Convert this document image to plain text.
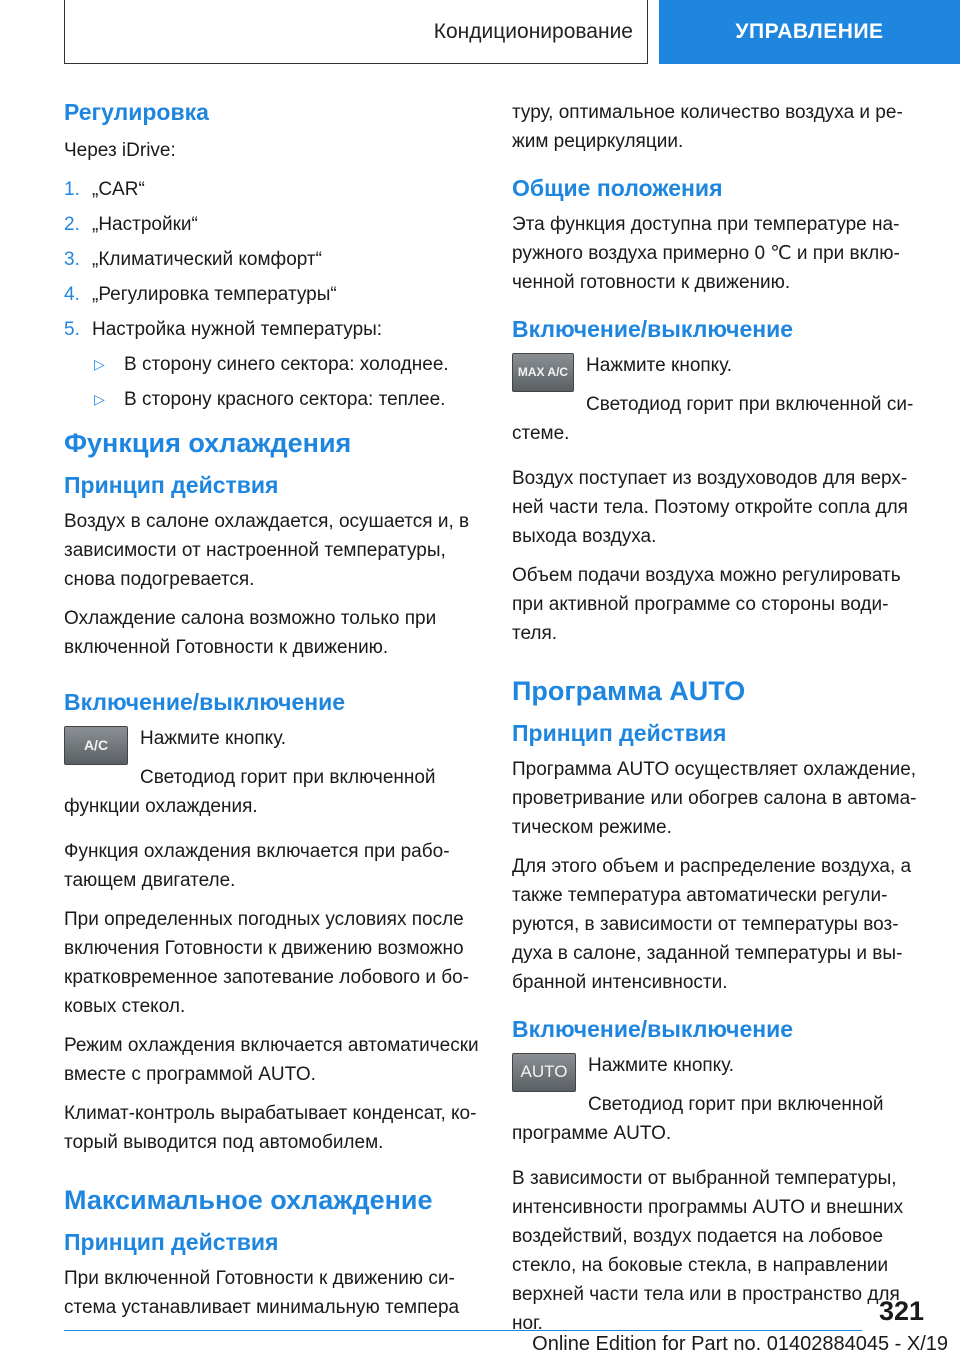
Кондиционирование	УПРАВЛЕНИЕ
Регулировка

Через iDrive:

1. „CAR“
2. „Настройки“
3. „Климатический комфорт“
4. „Регулировка температуры“
5. Настройка нужной температуры:
▷	В сторону синего сектора: холоднее.
▷	В сторону красного сектора: теплее.
Функция охлаждения
Принцип действия

Воздух в салоне охлаждается, осушается и, в зависимости от настроенной температуры, снова подогревается.

Охлаждение салона возможно только при включенной Готовности к движению.

Включение/выключение
A/C	Нажмите кнопку.

Светодиод горит при включенной функции охлаждения.

Функция охлаждения включается при работающем двигателе.

При определенных погодных условиях после включения Готовности к движению возможно кратковременное запотевание лобового и боковых стекол.

Режим охлаждения включается автоматически вместе с программой AUTO.

Климат-контроль вырабатывает конденсат, который выводится под автомобилем.

Максимальное охлаждение
Принцип действия

При включенной Готовности к движению система устанавливает минимальную темпера

туру, оптимальное количество воздуха и режим рециркуляции.

Общие положения

Эта функция доступна при температуре наружного воздуха примерно 0 ℃ и при включенной готовности к движению.

Включение/выключение
MAX A/C Нажмите кнопку.

Светодиод горит при включенной системе.

Воздух поступает из воздуховодов для верхней части тела. Поэтому откройте сопла для выхода воздуха.

Объем подачи воздуха можно регулировать при активной программе со стороны водителя.

Программа AUTO
Принцип действия

Программа AUTO осуществляет охлаждение, проветривание или обогрев салона в автоматическом режиме.

Для этого объем и распределение воздуха, а также температура автоматически регулируются, в зависимости от температуры воздуха в салоне, заданной температуры и выбранной интенсивности.

Включение/выключение
AUTO	Нажмите кнопку.

Светодиод горит при включенной программе AUTO.

В зависимости от выбранной температуры, интенсивности программы AUTO и внешних воздействий, воздух подается на лобовое стекло, на боковые стекла, в направлении верхней части тела или в пространство для ног.	321
Online Edition for Part no. 01402884045 - X/19
